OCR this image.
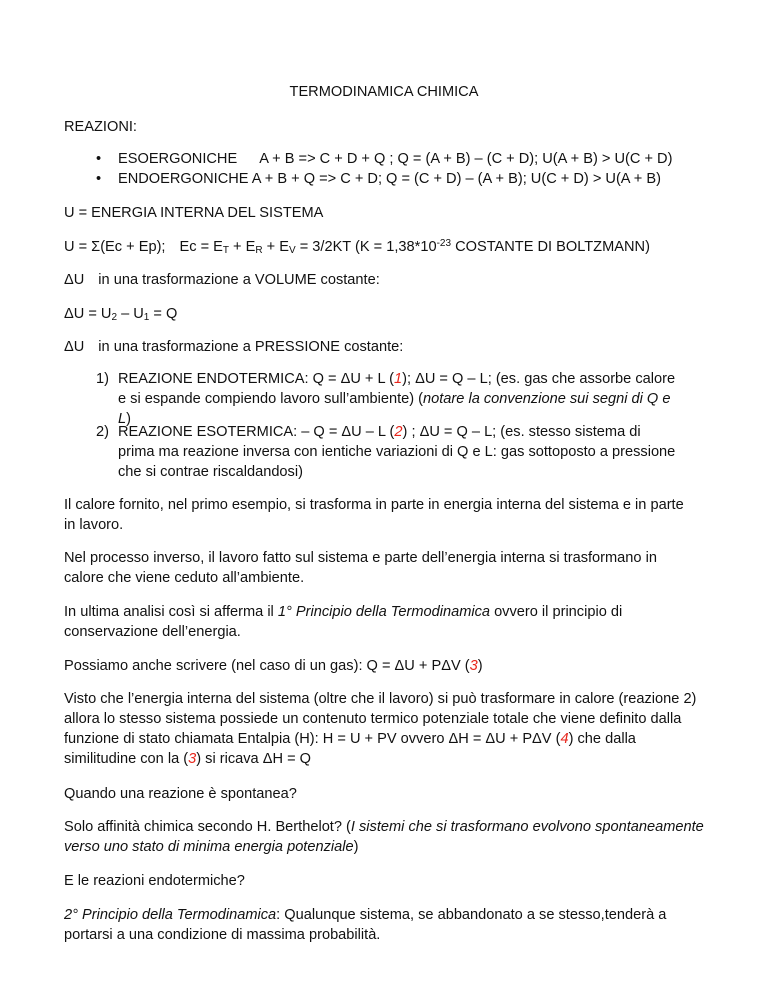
TERMODINAMICA CHIMICA
REAZIONI:
• ESOERGONICHE A + B => C + D + Q ; Q = (A + B) – (C + D); U(A + B) > U(C + D)
• ENDOERGONICHE A + B + Q => C + D; Q = (C + D) – (A + B); U(C + D) > U(A + B)
U = ENERGIA INTERNA DEL SISTEMA
U = Σ(Ec + Ep); $Ec = E_T + E_R + E_V = 3/2KT$ ($K = 1,38*10^{-23}$ COSTANTE DI BOLTZMANN)
ΔU in una trasformazione a VOLUME costante:
$\Delta U = U_2 - U_1 = Q$
ΔU in una trasformazione a PRESSIONE costante:
1) REAZIONE ENDOTERMICA: Q = ΔU + L (1); ΔU = Q – L; (es. gas che assorbe calore e si espande compiendo lavoro sull’ambiente) (notare la convenzione sui segni di Q e L)
2) REAZIONE ESOTERMICA: – Q = ΔU – L (2) ; ΔU = Q – L; (es. stesso sistema di prima ma reazione inversa con ientiche variazioni di Q e L: gas sottoposto a pressione che si contrae riscaldandosi)
Il calore fornito, nel primo esempio, si trasforma in parte in energia interna del sistema e in parte in lavoro.
Nel processo inverso, il lavoro fatto sul sistema e parte dell’energia interna si trasformano in calore che viene ceduto all’ambiente.
In ultima analisi così si afferma il 1° Principio della Termodinamica ovvero il principio di conservazione dell’energia.
Possiamo anche scrivere (nel caso di un gas): Q = ΔU + PΔV (3)
Visto che l’energia interna del sistema (oltre che il lavoro) si può trasformare in calore (reazione 2) allora lo stesso sistema possiede un contenuto termico potenziale totale che viene definito dalla funzione di stato chiamata Entalpia (H): H = U + PV ovvero ΔH = ΔU + PΔV (4) che dalla similitudine con la (3) si ricava ΔH = Q
Quando una reazione è spontanea?
Solo affinità chimica secondo H. Berthelot? (I sistemi che si trasformano evolvono spontaneamente verso uno stato di minima energia potenziale)
E le reazioni endotermiche?
2° Principio della Termodinamica: Qualunque sistema, se abbandonato a se stesso,tenderà a portarsi a una condizione di massima probabilità.
